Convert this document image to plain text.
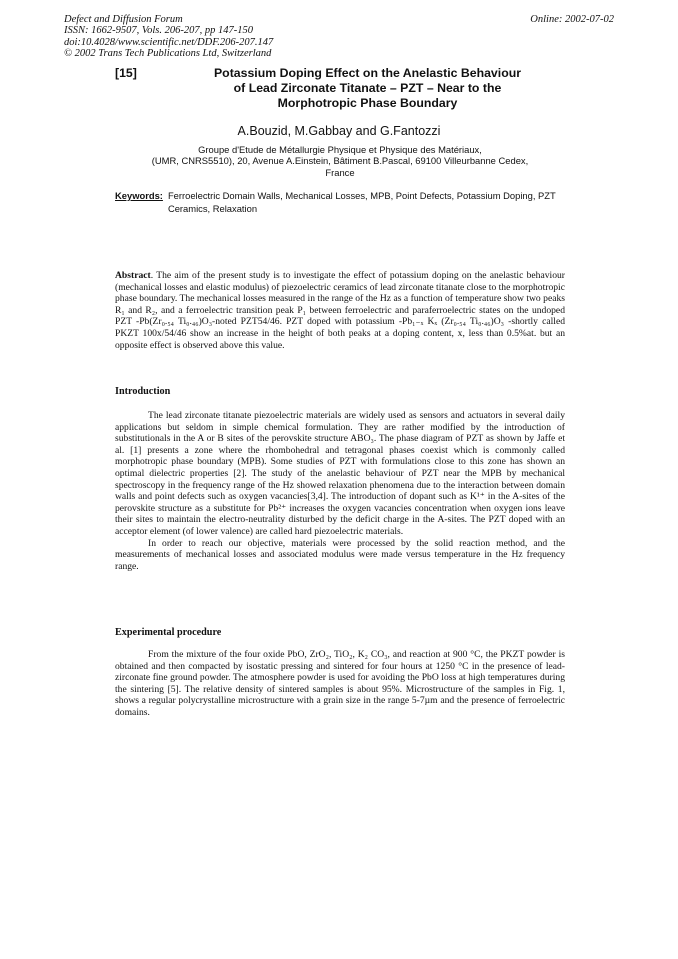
Defect and Diffusion Forum
ISSN: 1662-9507, Vols. 206-207, pp 147-150
doi:10.4028/www.scientific.net/DDF.206-207.147
© 2002 Trans Tech Publications Ltd, Switzerland
Online: 2002-07-02
[15]	Potassium Doping Effect on the Anelastic Behaviour
of Lead Zirconate Titanate – PZT – Near to the
Morphotropic Phase Boundary
A.Bouzid, M.Gabbay and G.Fantozzi
Groupe d'Etude de Métallurgie Physique et Physique des Matériaux,
(UMR, CNRS5510), 20, Avenue A.Einstein, Bâtiment B.Pascal, 69100 Villeurbanne Cedex,
France
Keywords: Ferroelectric Domain Walls, Mechanical Losses, MPB, Point Defects, Potassium Doping, PZT Ceramics, Relaxation

Abstract. The aim of the present study is to investigate the effect of potassium doping on the anelastic behaviour (mechanical losses and elastic modulus) of piezoelectric ceramics of lead zirconate titanate close to the morphotropic phase boundary. The mechanical losses measured in the range of the Hz as a function of temperature show two peaks R₁ and R₂, and a ferroelectric transition peak P₁ between ferroelectric and paraferroelectric states on the undoped PZT -Pb(Zr₀.₅₄ Ti₀.₄₆)O₃-noted PZT54/46. PZT doped with potassium -Pb₁₋ₓ Kₓ (Zr₀.₅₄ Ti₀.₄₆)O₃ -shortly called PKZT 100x/54/46 show an increase in the height of both peaks at a doping content, x, less than 0.5%at. but an opposite effect is observed above this value.

Introduction

The lead zirconate titanate piezoelectric materials are widely used as sensors and actuators in several daily applications but seldom in simple chemical formulation. They are rather modified by the introduction of substitutionals in the A or B sites of the perovskite structure ABO₃. The phase diagram of PZT as shown by Jaffe et al. [1] presents a zone where the rhombohedral and tetragonal phases coexist which is commonly called morphotropic phase boundary (MPB). Some studies of PZT with formulations close to this zone has shown an optimal dielectric properties [2]. The study of the anelastic behaviour of PZT near the MPB by mechanical spectroscopy in the frequency range of the Hz showed relaxation phenomena due to the interaction between domain walls and point defects such as oxygen vacancies[3,4]. The introduction of dopant such as K¹⁺ in the A-sites of the perovskite structure as a substitute for Pb²⁺ increases the oxygen vacancies concentration when oxygen ions leave their sites to maintain the electro-neutrality disturbed by the deficit charge in the A-sites. The PZT doped with an acceptor element (of lower valence) are called hard piezoelectric materials.

In order to reach our objective, materials were processed by the solid reaction method, and the measurements of mechanical losses and associated modulus were made versus temperature in the Hz frequency range.

Experimental procedure

From the mixture of the four oxide PbO, ZrO₂, TiO₂, K₂ CO₃, and reaction at 900 °C, the PKZT powder is obtained and then compacted by isostatic pressing and sintered for four hours at 1250 °C in the presence of lead-zirconate fine ground powder. The atmosphere powder is used for avoiding the PbO loss at high temperatures during the sintering [5]. The relative density of sintered samples is about 95%. Microstructure of the samples in Fig. 1, shows a regular polycrystalline microstructure with a grain size in the range 5-7µm and the presence of ferroelectric domains.
